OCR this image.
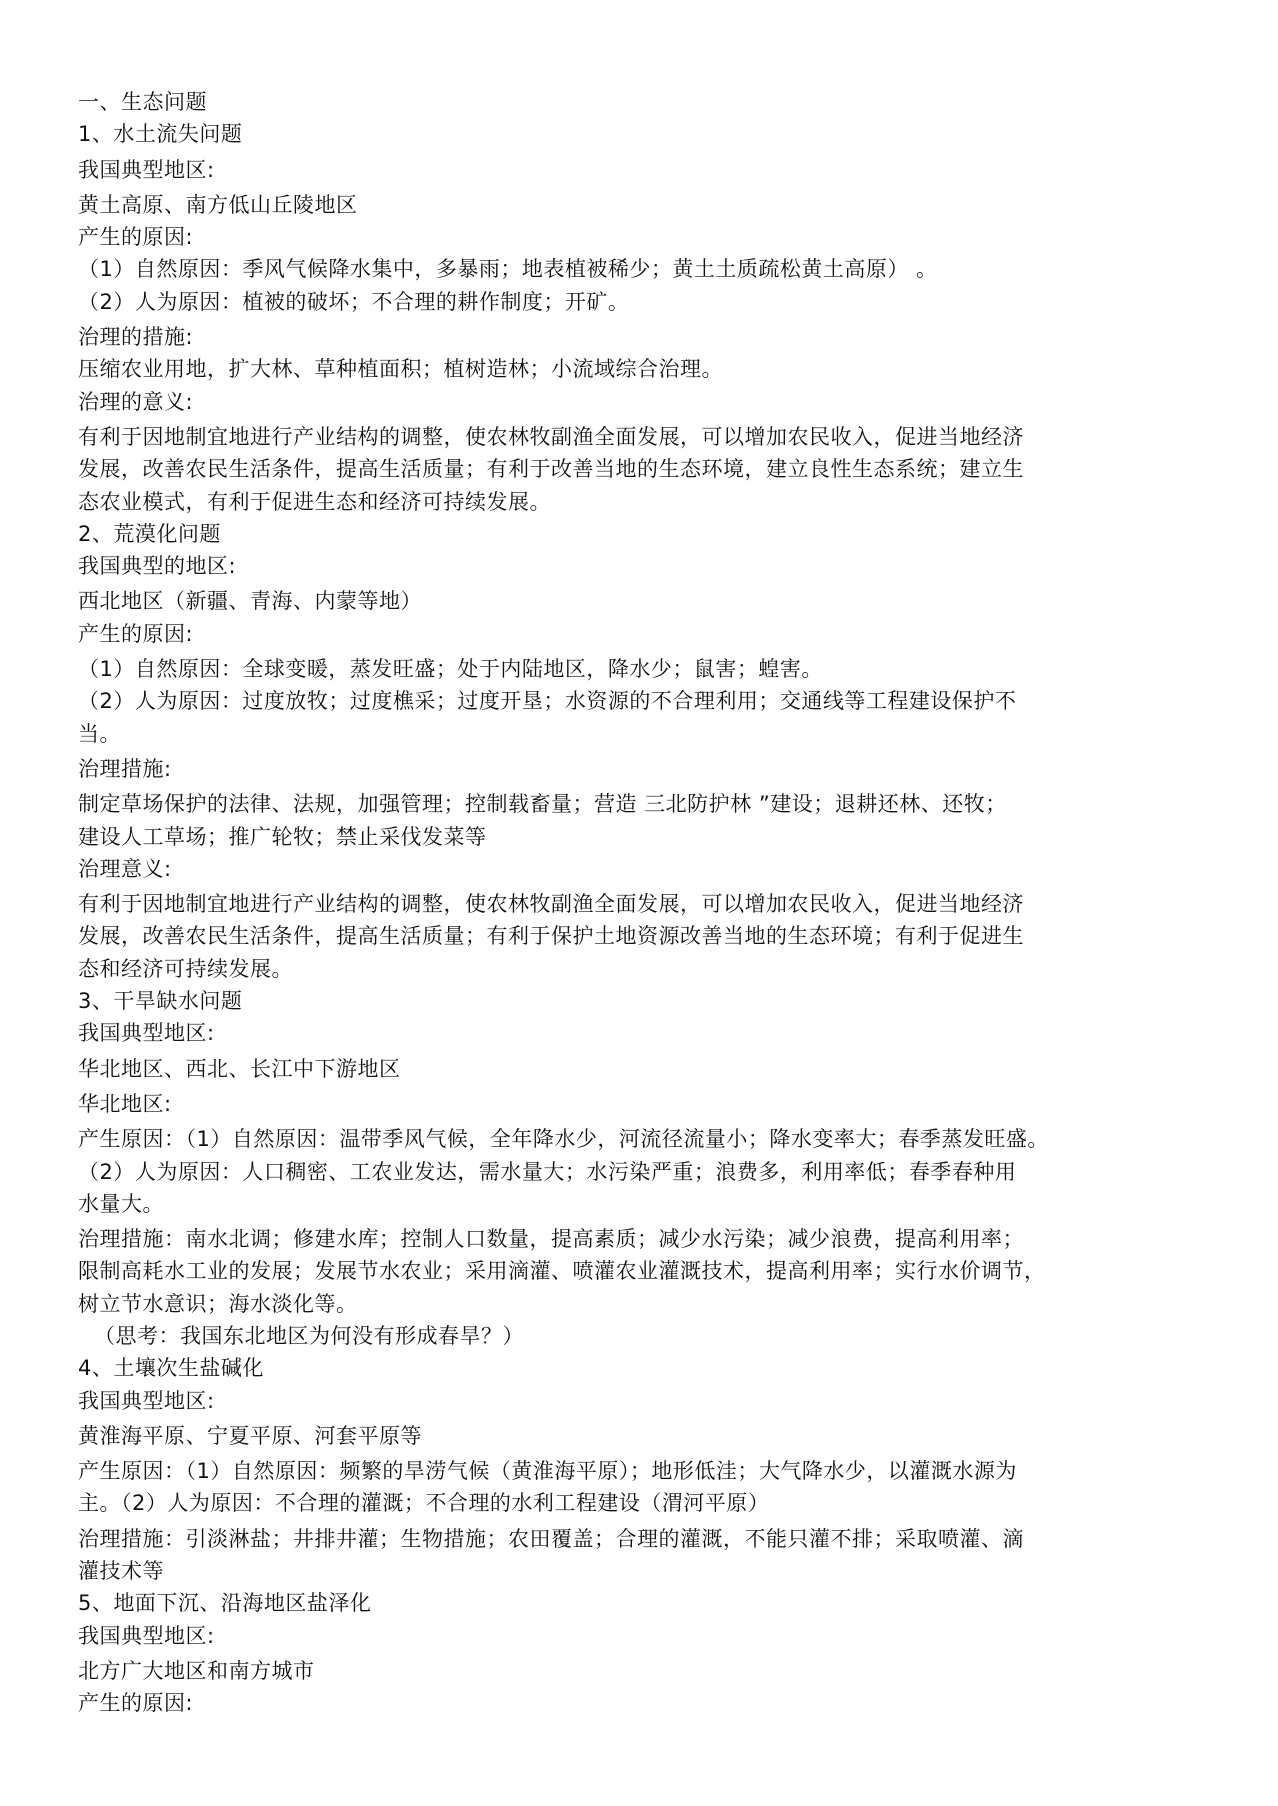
一、生态问题
1、水土流失问题
我国典型地区:
黄土高原、南方低山丘陵地区
产生的原因:
（1）自然原因：季风气候降水集中，多暴雨；地表植被稀少；黄土土质疏松黄土高原） 。
（2）人为原因：植被的破坏；不合理的耕作制度；开矿。
治理的措施:
压缩农业用地，扩大林、草种植面积；植树造林；小流域综合治理。
治理的意义:
有利于因地制宜地进行产业结构的调整，使农林牧副渔全面发展，可以增加农民收入，促进当地经济
发展，改善农民生活条件，提高生活质量；有利于改善当地的生态环境，建立良性生态系统；建立生
态农业模式，有利于促进生态和经济可持续发展。
2、荒漠化问题
我国典型的地区:
西北地区（新疆、青海、内蒙等地）
产生的原因:
（1）自然原因：全球变暖，蒸发旺盛；处于内陆地区，降水少；鼠害；蝗害。
（2）人为原因：过度放牧；过度樵采；过度开垦；水资源的不合理利用；交通线等工程建设保护不
当。
治理措施:
制定草场保护的法律、法规，加强管理；控制载畜量；营造 三北防护林 ”建设；退耕还林、还牧；
建设人工草场；推广轮牧；禁止采伐发菜等
治理意义:
有利于因地制宜地进行产业结构的调整，使农林牧副渔全面发展，可以增加农民收入，促进当地经济
发展，改善农民生活条件，提高生活质量；有利于保护土地资源改善当地的生态环境；有利于促进生
态和经济可持续发展。
3、干旱缺水问题
我国典型地区:
华北地区、西北、长江中下游地区
华北地区:
产生原因：（1）自然原因：温带季风气候，全年降水少，河流径流量小；降水变率大；春季蒸发旺盛。
（2）人为原因：人口稠密、工农业发达，需水量大；水污染严重；浪费多，利用率低；春季春种用
水量大。
治理措施：南水北调；修建水库；控制人口数量，提高素质；减少水污染；减少浪费，提高利用率；
限制高耗水工业的发展；发展节水农业；采用滴灌、喷灌农业灌溉技术，提高利用率；实行水价调节，
树立节水意识；海水淡化等。
（思考：我国东北地区为何没有形成春旱？）
4、土壤次生盐碱化
我国典型地区:
黄淮海平原、宁夏平原、河套平原等
产生原因：（1）自然原因：频繁的旱涝气候（黄淮海平原）；地形低洼；大气降水少，以灌溉水源为
主。（2）人为原因：不合理的灌溉；不合理的水利工程建设（渭河平原）
治理措施：引淡淋盐；井排井灌；生物措施；农田覆盖；合理的灌溉，不能只灌不排；采取喷灌、滴
灌技术等
5、地面下沉、沿海地区盐泽化
我国典型地区:
北方广大地区和南方城市
产生的原因:
